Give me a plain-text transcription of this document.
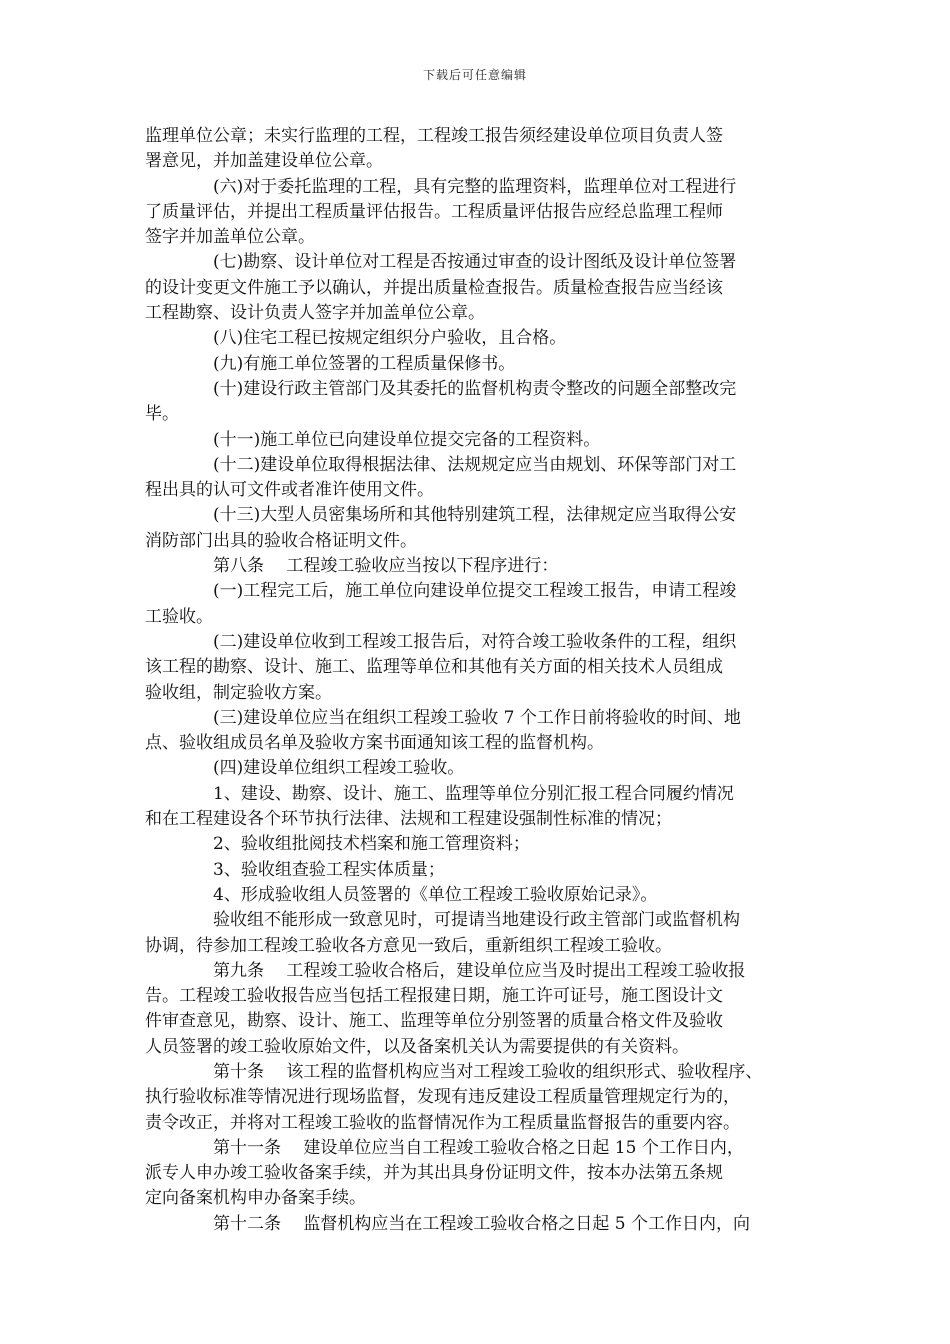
下载后可任意编辑
监理单位公章；未实行监理的工程，工程竣工报告须经建设单位项目负责人签
署意见，并加盖建设单位公章。
(六)对于委托监理的工程，具有完整的监理资料，监理单位对工程进行
了质量评估，并提出工程质量评估报告。工程质量评估报告应经总监理工程师
签字并加盖单位公章。
(七)勘察、设计单位对工程是否按通过审查的设计图纸及设计单位签署
的设计变更文件施工予以确认，并提出质量检查报告。质量检查报告应当经该
工程勘察、设计负责人签字并加盖单位公章。
(八)住宅工程已按规定组织分户验收，且合格。
(九)有施工单位签署的工程质量保修书。
(十)建设行政主管部门及其委托的监督机构责令整改的问题全部整改完
毕。
(十一)施工单位已向建设单位提交完备的工程资料。
(十二)建设单位取得根据法律、法规规定应当由规划、环保等部门对工
程出具的认可文件或者准许使用文件。
(十三)大型人员密集场所和其他特别建筑工程，法律规定应当取得公安
消防部门出具的验收合格证明文件。
第八条　 工程竣工验收应当按以下程序进行：
(一)工程完工后，施工单位向建设单位提交工程竣工报告，申请工程竣
工验收。
(二)建设单位收到工程竣工报告后，对符合竣工验收条件的工程，组织
该工程的勘察、设计、施工、监理等单位和其他有关方面的相关技术人员组成
验收组，制定验收方案。
(三)建设单位应当在组织工程竣工验收 7 个工作日前将验收的时间、地
点、验收组成员名单及验收方案书面通知该工程的监督机构。
(四)建设单位组织工程竣工验收。
1、建设、勘察、设计、施工、监理等单位分别汇报工程合同履约情况
和在工程建设各个环节执行法律、法规和工程建设强制性标准的情况；
2、验收组批阅技术档案和施工管理资料；
3、验收组查验工程实体质量；
4、形成验收组人员签署的《单位工程竣工验收原始记录》。
验收组不能形成一致意见时，可提请当地建设行政主管部门或监督机构
协调，待参加工程竣工验收各方意见一致后，重新组织工程竣工验收。
第九条　 工程竣工验收合格后，建设单位应当及时提出工程竣工验收报
告。工程竣工验收报告应当包括工程报建日期，施工许可证号，施工图设计文
件审查意见，勘察、设计、施工、监理等单位分别签署的质量合格文件及验收
人员签署的竣工验收原始文件，以及备案机关认为需要提供的有关资料。
第十条　 该工程的监督机构应当对工程竣工验收的组织形式、验收程序、
执行验收标准等情况进行现场监督，发现有违反建设工程质量管理规定行为的，
责令改正，并将对工程竣工验收的监督情况作为工程质量监督报告的重要内容。
第十一条　 建设单位应当自工程竣工验收合格之日起 15 个工作日内，
派专人申办竣工验收备案手续，并为其出具身份证明文件，按本办法第五条规
定向备案机构申办备案手续。
第十二条　 监督机构应当在工程竣工验收合格之日起 5 个工作日内，向
